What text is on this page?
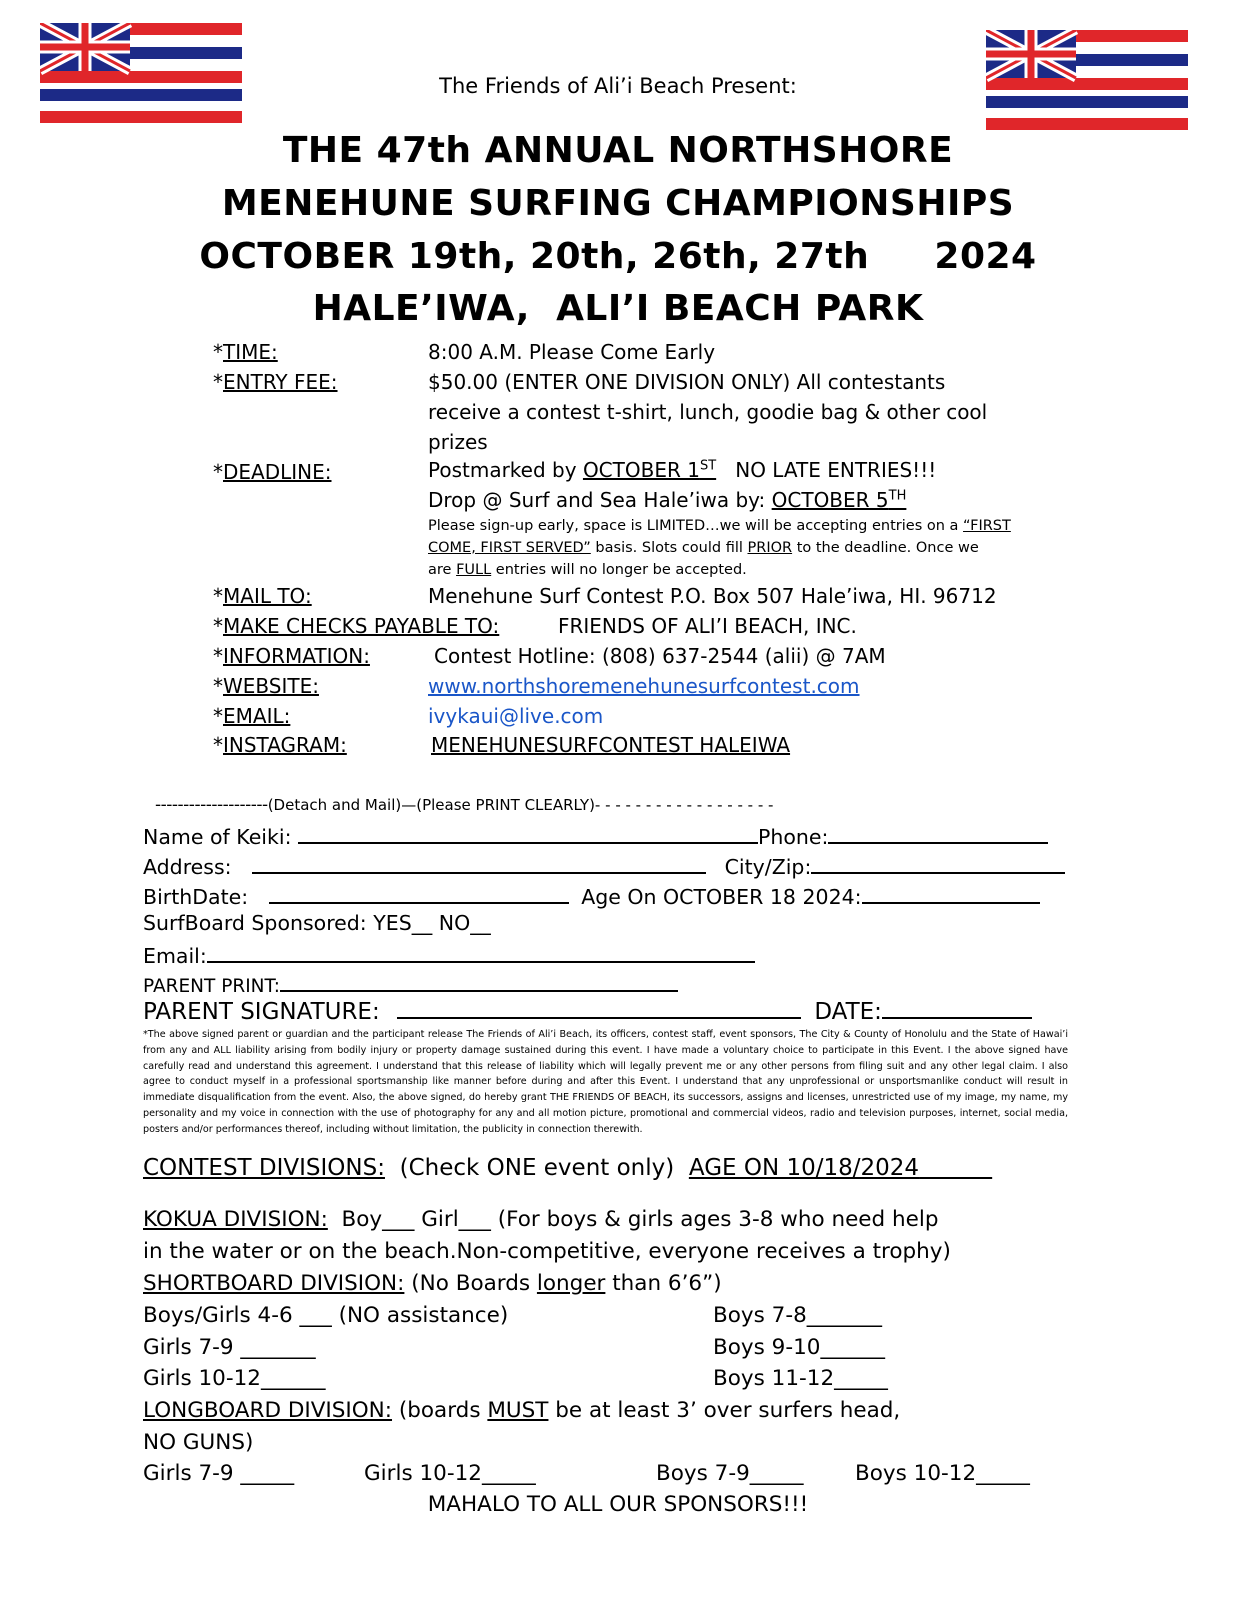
The Friends of Ali’i Beach Present:
THE 47th ANNUAL NORTHSHORE
MENEHUNE SURFING CHAMPIONSHIPS
OCTOBER 19th, 20th, 26th, 27th 2024
HALE’IWA, ALI’I BEACH PARK
*TIME:	8:00 A.M. Please Come Early
*ENTRY FEE:	$50.00 (ENTER ONE DIVISION ONLY) All contestants
receive a contest t-shirt, lunch, goodie bag & other cool
prizes
*DEADLINE:	Postmarked by OCTOBER 1ST NO LATE ENTRIES!!!
Drop @ Surf and Sea Hale’iwa by: OCTOBER 5TH
Please sign-up early, space is LIMITED…we will be accepting entries on a “FIRST
COME, FIRST SERVED” basis. Slots could fill PRIOR to the deadline. Once we
are FULL entries will no longer be accepted.
*MAIL TO:	Menehune Surf Contest P.O. Box 507 Hale’iwa, HI. 96712
*MAKE CHECKS PAYABLE TO:	FRIENDS OF ALI’I BEACH, INC.
*INFORMATION:	Contest Hotline: (808) 637-2544 (alii) @ 7AM
*WEBSITE:	www.northshoremenehunesurfcontest.com
*EMAIL:	ivykaui@live.com
*INSTAGRAM:	MENEHUNESURFCONTEST HALEIWA
--------------------(Detach and Mail)—(Please PRINT CLEARLY)- - - - - - - - - - - - - - - - - -
Name of Keiki:	Phone:
Address:	City/Zip:
BirthDate:	Age On OCTOBER 18 2024:
SurfBoard Sponsored: YES__ NO__
Email:
PARENT PRINT:
PARENT SIGNATURE:	DATE:
*The above signed parent or guardian and the participant release The Friends of Ali’i Beach, its officers, contest staff, event sponsors, The City & County of Honolulu and the State of Hawai’i from any and ALL liability arising from bodily injury or property damage sustained during this event. I have made a voluntary choice to participate in this Event. I the above signed have carefully read and understand this agreement. I understand that this release of liability which will legally prevent me or any other persons from filing suit and any other legal claim. I also agree to conduct myself in a professional sportsmanship like manner before during and after this Event. I understand that any unprofessional or unsportsmanlike conduct will result in immediate disqualification from the event. Also, the above signed, do hereby grant THE FRIENDS OF BEACH, its successors, assigns and licenses, unrestricted use of my image, my name, my personality and my voice in connection with the use of photography for any and all motion picture, promotional and commercial videos, radio and television purposes, internet, social media, posters and/or performances thereof, including without limitation, the publicity in connection therewith.
CONTEST DIVISIONS: (Check ONE event only) AGE ON 10/18/2024
KOKUA DIVISION: Boy___ Girl___ (For boys & girls ages 3-8 who need help
in the water or on the beach.Non-competitive, everyone receives a trophy)
SHORTBOARD DIVISION: (No Boards longer than 6’6”)
Boys/Girls 4-6 ___ (NO assistance)	Boys 7-8_______
Girls 7-9 _______	Boys 9-10______
Girls 10-12______	Boys 11-12_____
LONGBOARD DIVISION: (boards MUST be at least 3’ over surfers head,
NO GUNS)
Girls 7-9 _____	Girls 10-12_____	Boys 7-9_____ Boys 10-12_____
MAHALO TO ALL OUR SPONSORS!!!
